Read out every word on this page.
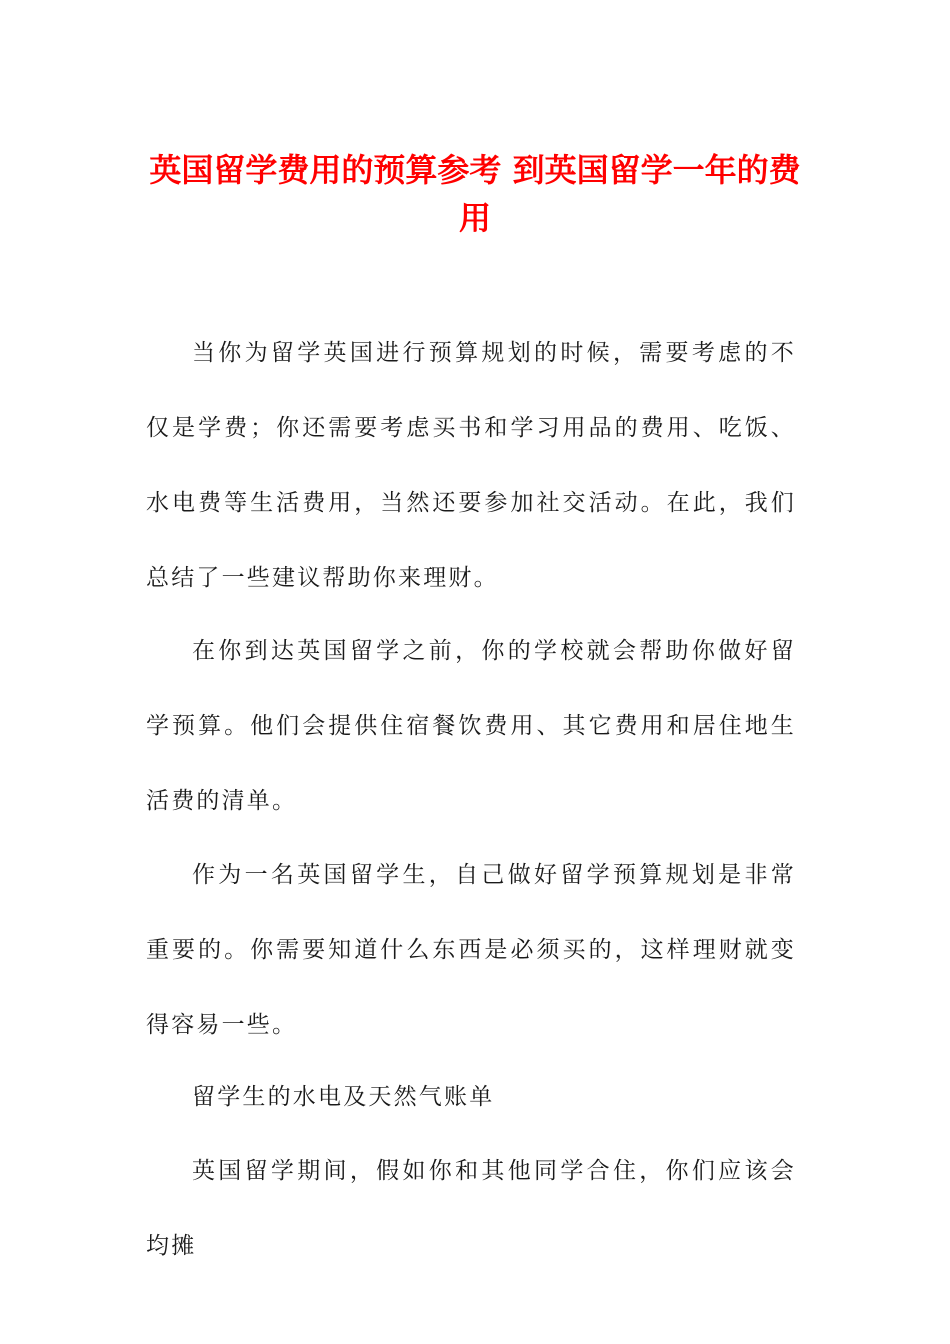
英国留学费用的预算参考 到英国留学一年的费用
当你为留学英国进行预算规划的时候，需要考虑的不仅是学费；你还需要考虑买书和学习用品的费用、吃饭、水电费等生活费用，当然还要参加社交活动。在此，我们总结了一些建议帮助你来理财。
在你到达英国留学之前，你的学校就会帮助你做好留学预算。他们会提供住宿餐饮费用、其它费用和居住地生活费的清单。
作为一名英国留学生，自己做好留学预算规划是非常重要的。你需要知道什么东西是必须买的，这样理财就变得容易一些。
留学生的水电及天然气账单
英国留学期间，假如你和其他同学合住，你们应该会均摊
